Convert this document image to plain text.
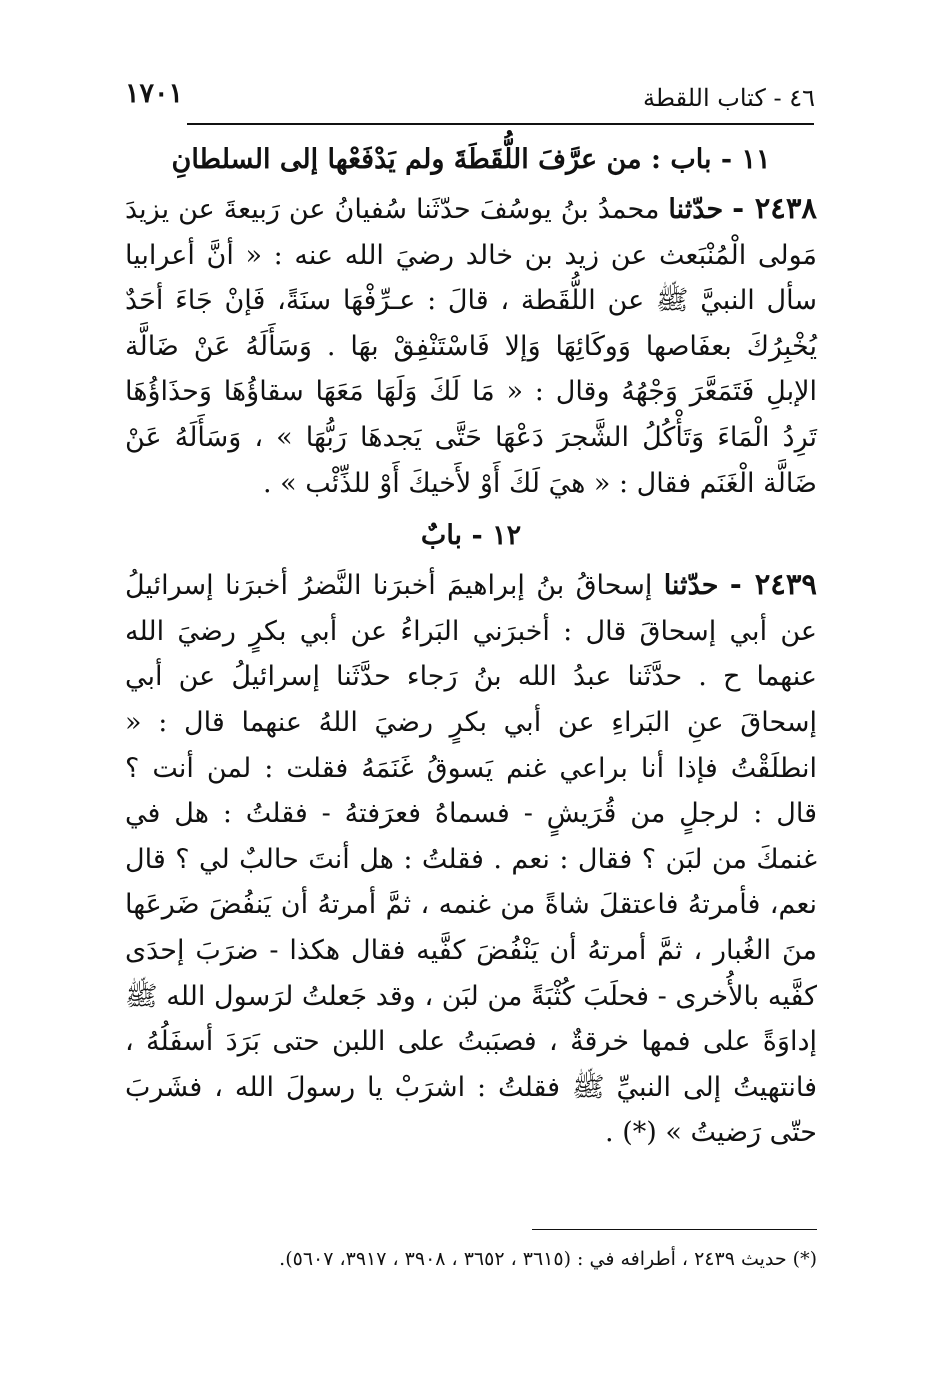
٤٦ - كتاب اللقطة
١٧٠١
١١ - باب : من عرَّفَ اللُّقَطَةَ ولم يَدْفَعْها إلى السلطانِ

٢٤٣٨ - حدّثنا محمدُ بنُ يوسُفَ حدّثَنا سُفيانُ عن رَبيعةَ عن يزيدَ مَولى الْمُنْبَعث عن زيد بن خالد رضيَ الله عنه : « أنَّ أعرابيا سأل النبيَّ ﷺ عن اللُّقَطة ، قالَ : عـرِّفْهَا سنَةً، فَإنْ جَاءَ أحَدٌ يُخْبِرُكَ بعفَاصها وَوكَائِهَا وَإلا فَاسْتَنْفِقْ بهَا . وَسَأَلَهُ عَنْ ضَالَّة الإبلِ فَتَمَعَّرَ وَجْهُهُ وقال : « مَا لَكَ وَلَهَا مَعَهَا سقاؤُهَا وَحذَاؤُهَا تَرِدُ الْمَاءَ وَتَأْكُلُ الشَّجرَ دَعْهَا حَتَّى يَجدهَا رَبُّهَا » ، وَسَأَلَهُ عَنْ ضَالَّة الْغَنَم فقال : « هيَ لَكَ أَوْ لأَخيكَ أَوْ للذِّئْب » .

١٢ - بابٌ

٢٤٣٩ - حدّثنا إسحاقُ بنُ إبراهيمَ أخبرَنا النَّضرُ أخبرَنا إسرائيلُ عن أبي إسحاقَ قال : أخبرَني البَراءُ عن أبي بكرٍ رضيَ الله عنهما ح . حدَّثَنا عبدُ الله بنُ رَجاء حدَّثَنا إسرائيلُ عن أبي إسحاقَ عنِ البَراءِ عن أبي بكرٍ رضيَ اللهُ عنهما قال : « انطلَقْتُ فإذا أنا براعي غنم يَسوقُ غَنَمَهُ فقلت : لمن أنت ؟ قال : لرجلٍ من قُرَيشٍ - فسماهُ فعرَفتهُ - فقلتُ : هل في غنمكَ من لبَن ؟ فقال : نعم . فقلتُ : هل أنتَ حالبٌ لي ؟ قال نعم، فأمرتهُ فاعتقلَ شاةً من غنمه ، ثمَّ أمرتهُ أن يَنفُضَ ضَرعَها منَ الغُبار ، ثمَّ أمرتهُ أن يَنْفُضَ كفَّيه فقال هكذا - ضرَبَ إحدَى كفَّيه بالأُخرى - فحلَبَ كُثْبَةً من لبَن ، وقد جَعلتُ لرَسول الله ﷺ إداوَةً على فمها خرقةٌ ، فصبَبتُ على اللبن حتى بَرَدَ أسفَلُهُ ، فانتهيتُ إلى النبيِّ ﷺ فقلتُ : اشرَبْ يا رسولَ الله ، فشَربَ حتّى رَضيتُ » (*) .

(*) حديث ٢٤٣٩ ، أطرافه في : (٣٦١٥ ، ٣٦٥٢ ، ٣٩٠٨ ، ٣٩١٧، ٥٦٠٧).
